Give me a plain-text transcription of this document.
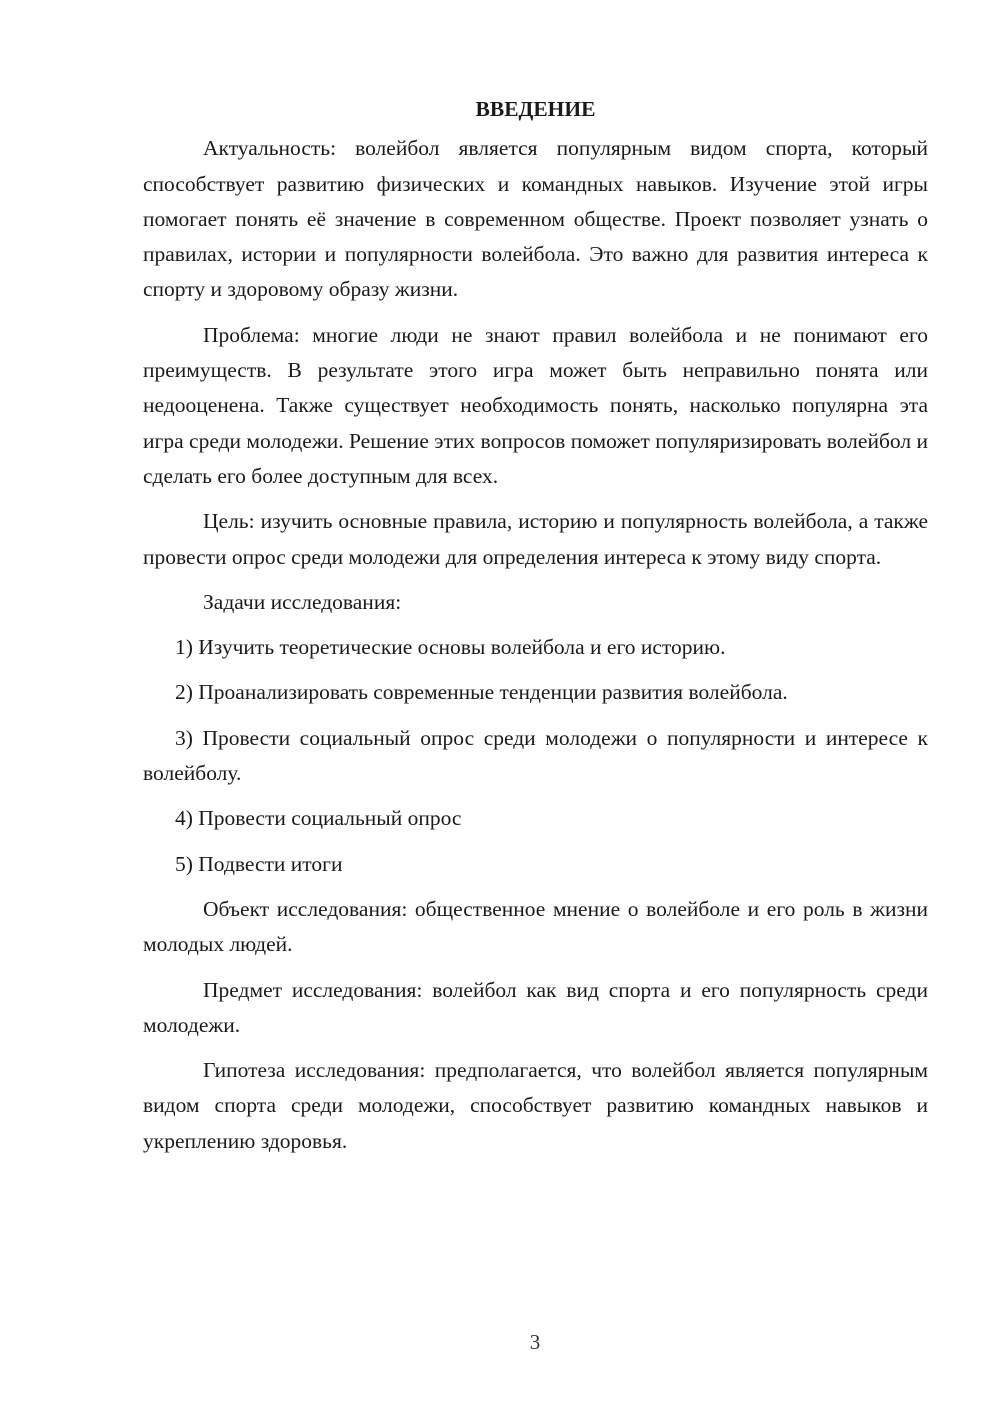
ВВЕДЕНИЕ

Актуальность: волейбол является популярным видом спорта, который способствует развитию физических и командных навыков. Изучение этой игры помогает понять её значение в современном обществе. Проект позволяет узнать о правилах, истории и популярности волейбола. Это важно для развития интереса к спорту и здоровому образу жизни.

Проблема: многие люди не знают правил волейбола и не понимают его преимуществ. В результате этого игра может быть неправильно понята или недооценена. Также существует необходимость понять, насколько популярна эта игра среди молодежи. Решение этих вопросов поможет популяризировать волейбол и сделать его более доступным для всех.

Цель: изучить основные правила, историю и популярность волейбола, а также провести опрос среди молодежи для определения интереса к этому виду спорта.

Задачи исследования:

1) Изучить теоретические основы волейбола и его историю.

2) Проанализировать современные тенденции развития волейбола.

3) Провести социальный опрос среди молодежи о популярности и интересе к волейболу.

4) Провести социальный опрос

5) Подвести итоги

Объект исследования: общественное мнение о волейболе и его роль в жизни молодых людей.

Предмет исследования: волейбол как вид спорта и его популярность среди молодежи.

Гипотеза исследования: предполагается, что волейбол является популярным видом спорта среди молодежи, способствует развитию командных навыков и укреплению здоровья.

3
